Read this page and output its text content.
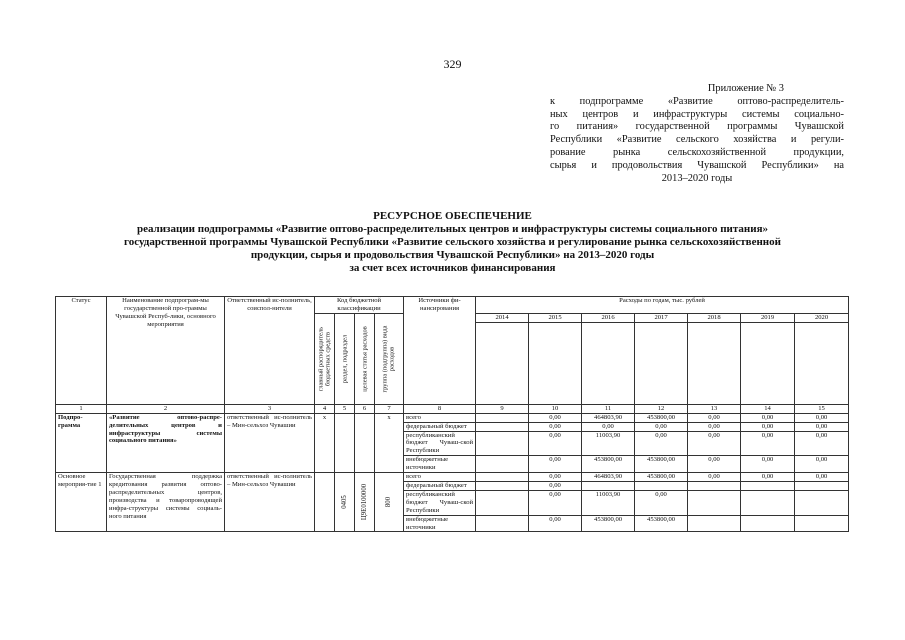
329
Приложение № 3
к подпрограмме «Развитие оптово-распределитель-
ных центров и инфраструктуры системы социально-
го питания» государственной программы Чувашской
Республики «Развитие сельского хозяйства и регули-
рование рынка сельскохозяйственной продукции,
сырья и продовольствия Чувашской Республики» на
2013–2020 годы
РЕСУРСНОЕ ОБЕСПЕЧЕНИЕ
реализации подпрограммы «Развитие оптово-распределительных центров и инфраструктуры системы социального питания»
государственной программы Чувашской Республики «Развитие сельского хозяйства и регулирование рынка сельскохозяйственной
продукции, сырья и продовольствия Чувашской Республики» на 2013–2020 годы
за счет всех источников финансирования
Статус	Наименование подпрограм-мы государственной про-граммы Чувашской Респуб-лики, основного мероприятия	Ответственный ис-полнитель, соиспол-нители	Код бюджетной классификации				Источники фи-нансирования	Расходы по годам, тыс. рублей						

			главный распорядитель бюджетных средств	раздел, подраздел	целевая статья расходов	группа (подгруппа) вида расходов		2014	2015	2016	2017	2018	2019	2020

1	2	3	4	5	6	7	8	9	10	11	12	13	14	15
Подпро-грамма	«Развитие оптово-распре-делительных центров и инфраструктуры системы социального питания»	ответственный ис-полнитель – Мин-сельхоз Чувашии	x			x	всего		0,00	464803,90	453800,00	0,00	0,00	0,00
							федеральный бюджет		0,00	0,00	0,00	0,00	0,00	0,00
							республиканский бюджет Чуваш-ской Республики		0,00	11003,90	0,00	0,00	0,00	0,00
							внебюджетные источники		0,00	453800,00	453800,00	0,00	0,00	0,00
Основное мероприя-тие 1	Государственная поддержка кредитования развития оптово-распределительных центров, производства и товаропроводящей инфра-структуры системы социаль-ного питания	ответственный ис-полнитель – Мин-сельхоз Чувашии		0405	Ц9Е0100000	800	всего		0,00	464803,90	453800,00	0,00	0,00	0,00
							федеральный бюджет		0,00					
							республиканский бюджет Чуваш-ской Республики		0,00	11003,90	0,00			
							внебюджетные источники		0,00	453800,00	453800,00			
